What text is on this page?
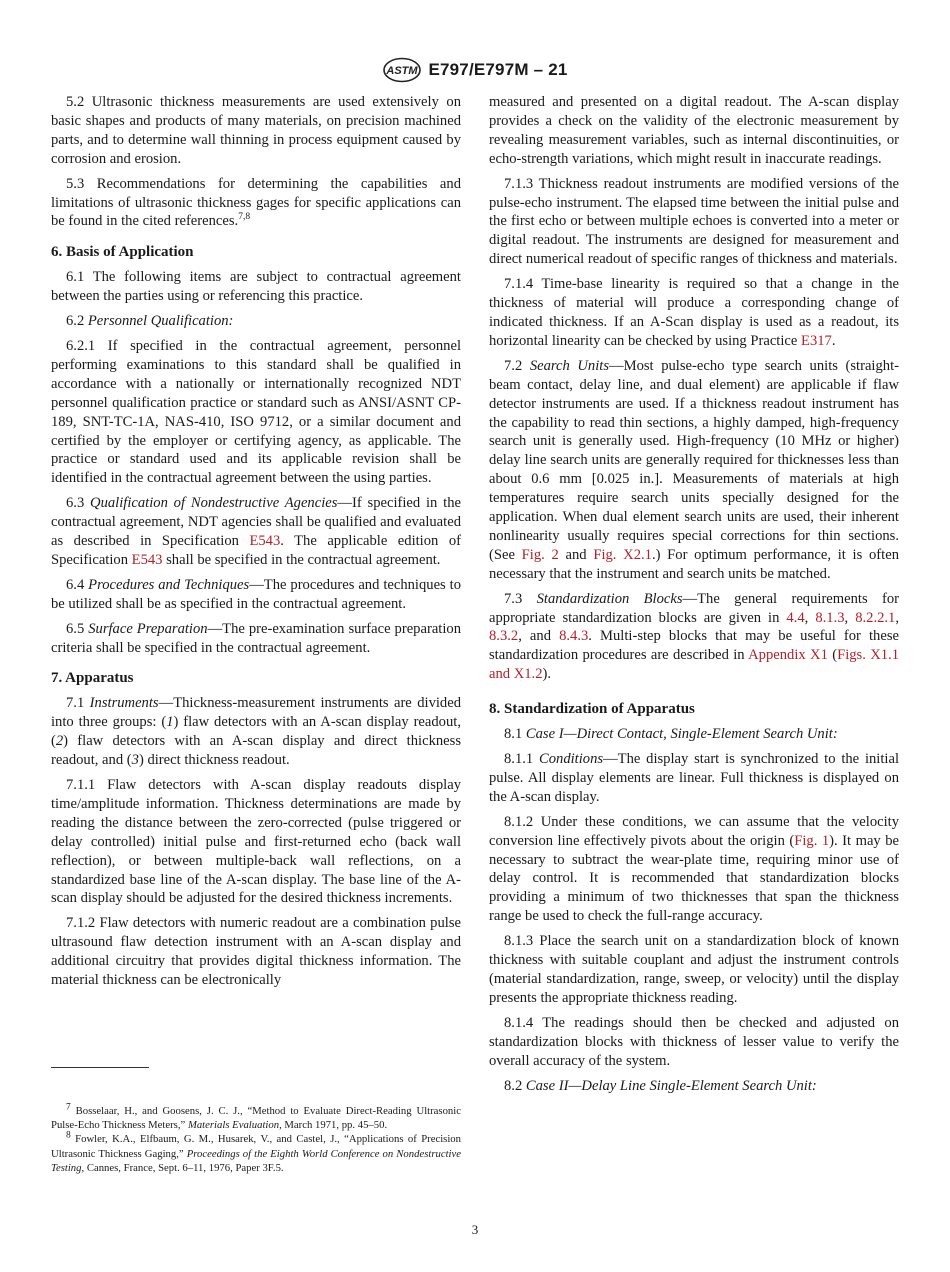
ASTM E797/E797M – 21

5.2 Ultrasonic thickness measurements are used extensively on basic shapes and products of many materials, on precision machined parts, and to determine wall thinning in process equipment caused by corrosion and erosion.

5.3 Recommendations for determining the capabilities and limitations of ultrasonic thickness gages for specific applications can be found in the cited references.$^{7,8}$

6. Basis of Application

6.1 The following items are subject to contractual agreement between the parties using or referencing this practice.

6.2 Personnel Qualification:

6.2.1 If specified in the contractual agreement, personnel performing examinations to this standard shall be qualified in accordance with a nationally or internationally recognized NDT personnel qualification practice or standard such as ANSI/ASNT CP-189, SNT-TC-1A, NAS-410, ISO 9712, or a similar document and certified by the employer or certifying agency, as applicable. The practice or standard used and its applicable revision shall be identified in the contractual agreement between the using parties.

6.3 Qualification of Nondestructive Agencies—If specified in the contractual agreement, NDT agencies shall be qualified and evaluated as described in Specification E543. The applicable edition of Specification E543 shall be specified in the contractual agreement.

6.4 Procedures and Techniques—The procedures and techniques to be utilized shall be as specified in the contractual agreement.

6.5 Surface Preparation—The pre-examination surface preparation criteria shall be specified in the contractual agreement.

7. Apparatus

7.1 Instruments—Thickness-measurement instruments are divided into three groups: (1) flaw detectors with an A-scan display readout, (2) flaw detectors with an A-scan display and direct thickness readout, and (3) direct thickness readout.

7.1.1 Flaw detectors with A-scan display readouts display time/amplitude information. Thickness determinations are made by reading the distance between the zero-corrected (pulse triggered or delay controlled) initial pulse and first-returned echo (back wall reflection), or between multiple-back wall reflections, on a standardized base line of the A-scan display. The base line of the A-scan display should be adjusted for the desired thickness increments.

7.1.2 Flaw detectors with numeric readout are a combination pulse ultrasound flaw detection instrument with an A-scan display and additional circuitry that provides digital thickness information. The material thickness can be electronically

$^7$ Bosselaar, H., and Goosens, J. C. J., “Method to Evaluate Direct-Reading Ultrasonic Pulse-Echo Thickness Meters,” Materials Evaluation, March 1971, pp. 45–50.

$^8$ Fowler, K.A., Elfbaum, G. M., Husarek, V., and Castel, J., “Applications of Precision Ultrasonic Thickness Gaging,” Proceedings of the Eighth World Conference on Nondestructive Testing, Cannes, France, Sept. 6–11, 1976, Paper 3F.5.

measured and presented on a digital readout. The A-scan display provides a check on the validity of the electronic measurement by revealing measurement variables, such as internal discontinuities, or echo-strength variations, which might result in inaccurate readings.

7.1.3 Thickness readout instruments are modified versions of the pulse-echo instrument. The elapsed time between the initial pulse and the first echo or between multiple echoes is converted into a meter or digital readout. The instruments are designed for measurement and direct numerical readout of specific ranges of thickness and materials.

7.1.4 Time-base linearity is required so that a change in the thickness of material will produce a corresponding change of indicated thickness. If an A-Scan display is used as a readout, its horizontal linearity can be checked by using Practice E317.

7.2 Search Units—Most pulse-echo type search units (straight-beam contact, delay line, and dual element) are applicable if flaw detector instruments are used. If a thickness readout instrument has the capability to read thin sections, a highly damped, high-frequency search unit is generally used. High-frequency (10 MHz or higher) delay line search units are generally required for thicknesses less than about 0.6 mm [0.025 in.]. Measurements of materials at high temperatures require search units specially designed for the application. When dual element search units are used, their inherent nonlinearity usually requires special corrections for thin sections. (See Fig. 2 and Fig. X2.1.) For optimum performance, it is often necessary that the instrument and search units be matched.

7.3 Standardization Blocks—The general requirements for appropriate standardization blocks are given in 4.4, 8.1.3, 8.2.2.1, 8.3.2, and 8.4.3. Multi-step blocks that may be useful for these standardization procedures are described in Appendix X1 (Figs. X1.1 and X1.2).

8. Standardization of Apparatus

8.1 Case I—Direct Contact, Single-Element Search Unit:

8.1.1 Conditions—The display start is synchronized to the initial pulse. All display elements are linear. Full thickness is displayed on the A-scan display.

8.1.2 Under these conditions, we can assume that the velocity conversion line effectively pivots about the origin (Fig. 1). It may be necessary to subtract the wear-plate time, requiring minor use of delay control. It is recommended that standardization blocks providing a minimum of two thicknesses that span the thickness range be used to check the full-range accuracy.

8.1.3 Place the search unit on a standardization block of known thickness with suitable couplant and adjust the instrument controls (material standardization, range, sweep, or velocity) until the display presents the appropriate thickness reading.

8.1.4 The readings should then be checked and adjusted on standardization blocks with thickness of lesser value to verify the overall accuracy of the system.

8.2 Case II—Delay Line Single-Element Search Unit:

3
